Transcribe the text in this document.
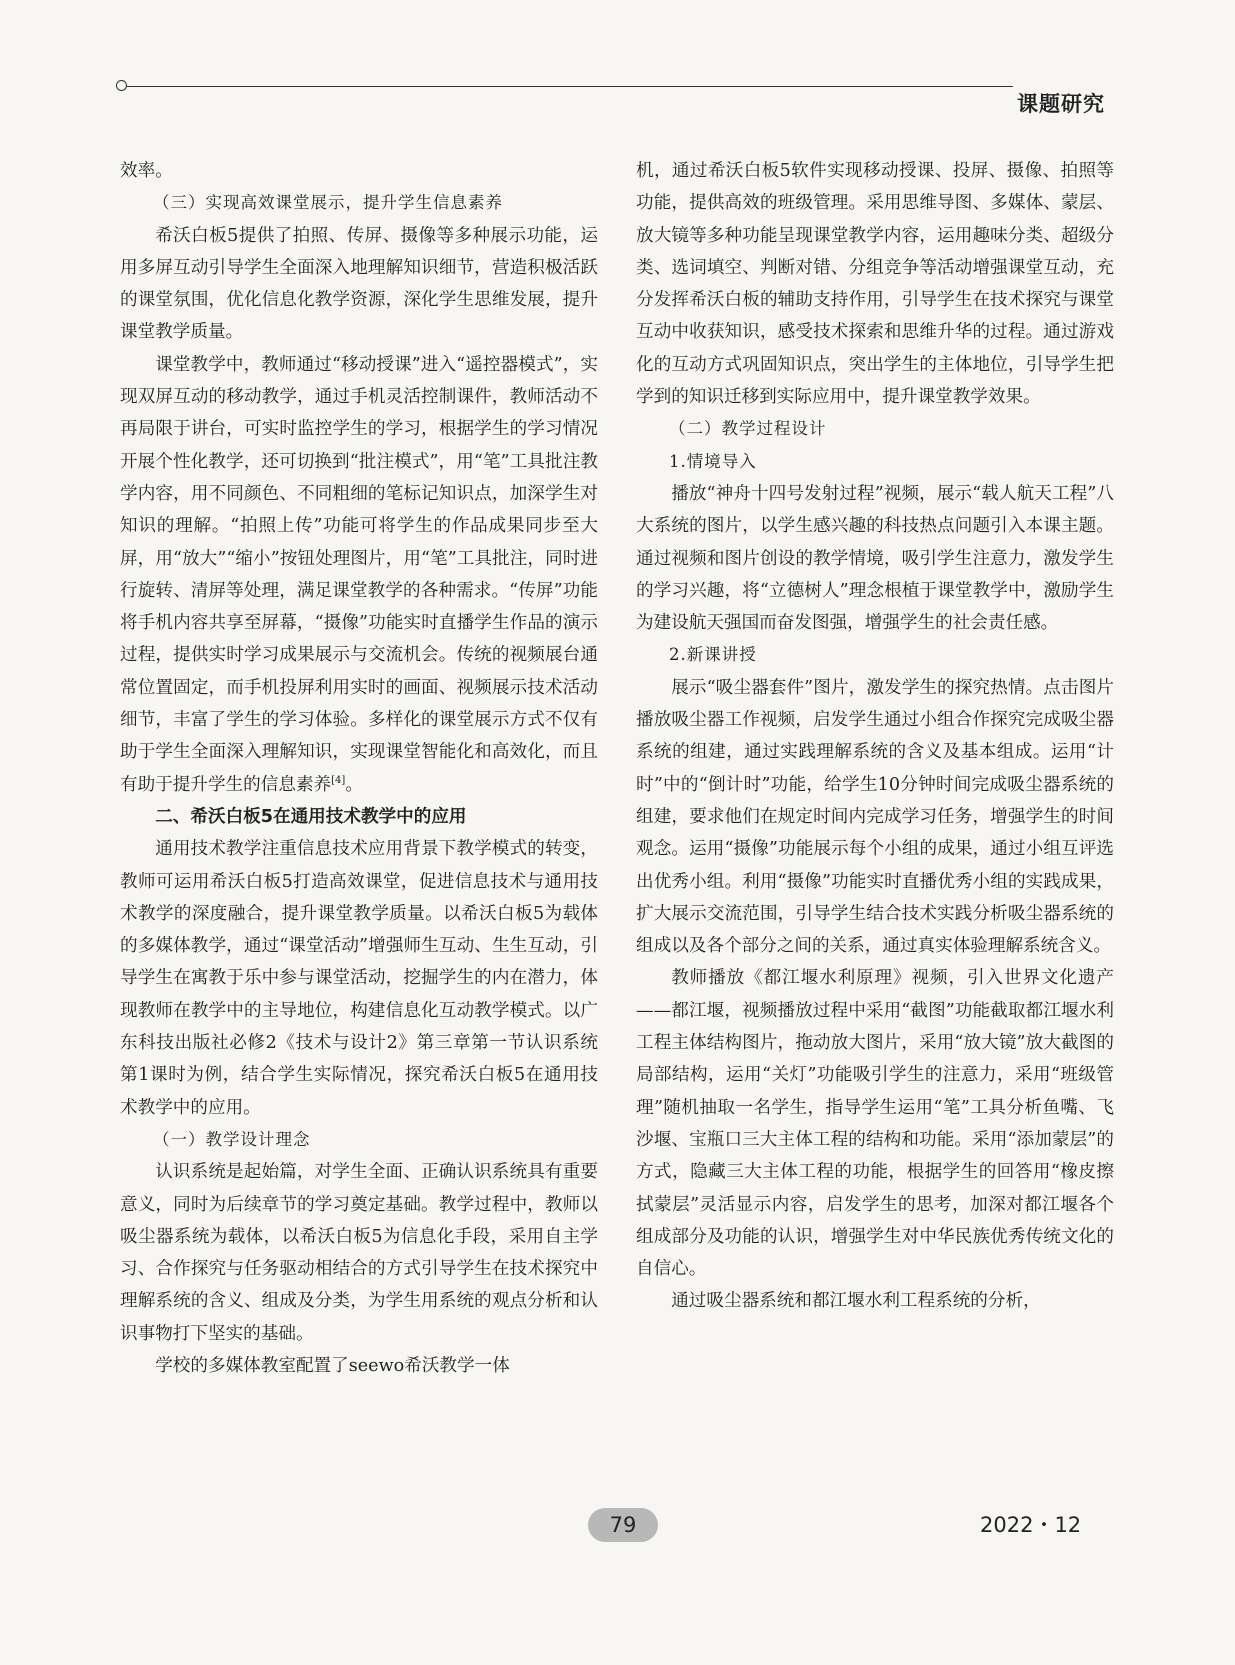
课题研究

效率。

（三）实现高效课堂展示，提升学生信息素养

希沃白板5提供了拍照、传屏、摄像等多种展示功能，运用多屏互动引导学生全面深入地理解知识细节，营造积极活跃的课堂氛围，优化信息化教学资源，深化学生思维发展，提升课堂教学质量。

课堂教学中，教师通过“移动授课”进入“遥控器模式”，实现双屏互动的移动教学，通过手机灵活控制课件，教师活动不再局限于讲台，可实时监控学生的学习，根据学生的学习情况开展个性化教学，还可切换到“批注模式”，用“笔”工具批注教学内容，用不同颜色、不同粗细的笔标记知识点，加深学生对知识的理解。“拍照上传”功能可将学生的作品成果同步至大屏，用“放大”“缩小”按钮处理图片，用“笔”工具批注，同时进行旋转、清屏等处理，满足课堂教学的各种需求。“传屏”功能将手机内容共享至屏幕，“摄像”功能实时直播学生作品的演示过程，提供实时学习成果展示与交流机会。传统的视频展台通常位置固定，而手机投屏利用实时的画面、视频展示技术活动细节，丰富了学生的学习体验。多样化的课堂展示方式不仅有助于学生全面深入理解知识，实现课堂智能化和高效化，而且有助于提升学生的信息素养[4]。

二、希沃白板5在通用技术教学中的应用

通用技术教学注重信息技术应用背景下教学模式的转变，教师可运用希沃白板5打造高效课堂，促进信息技术与通用技术教学的深度融合，提升课堂教学质量。以希沃白板5为载体的多媒体教学，通过“课堂活动”增强师生互动、生生互动，引导学生在寓教于乐中参与课堂活动，挖掘学生的内在潜力，体现教师在教学中的主导地位，构建信息化互动教学模式。以广东科技出版社必修2《技术与设计2》第三章第一节认识系统第1课时为例，结合学生实际情况，探究希沃白板5在通用技术教学中的应用。

（一）教学设计理念

认识系统是起始篇，对学生全面、正确认识系统具有重要意义，同时为后续章节的学习奠定基础。教学过程中，教师以吸尘器系统为载体，以希沃白板5为信息化手段，采用自主学习、合作探究与任务驱动相结合的方式引导学生在技术探究中理解系统的含义、组成及分类，为学生用系统的观点分析和认识事物打下坚实的基础。

学校的多媒体教室配置了seewo希沃教学一体

机，通过希沃白板5软件实现移动授课、投屏、摄像、拍照等功能，提供高效的班级管理。采用思维导图、多媒体、蒙层、放大镜等多种功能呈现课堂教学内容，运用趣味分类、超级分类、选词填空、判断对错、分组竞争等活动增强课堂互动，充分发挥希沃白板的辅助支持作用，引导学生在技术探究与课堂互动中收获知识，感受技术探索和思维升华的过程。通过游戏化的互动方式巩固知识点，突出学生的主体地位，引导学生把学到的知识迁移到实际应用中，提升课堂教学效果。

（二）教学过程设计

1.情境导入

播放“神舟十四号发射过程”视频，展示“载人航天工程”八大系统的图片，以学生感兴趣的科技热点问题引入本课主题。通过视频和图片创设的教学情境，吸引学生注意力，激发学生的学习兴趣，将“立德树人”理念根植于课堂教学中，激励学生为建设航天强国而奋发图强，增强学生的社会责任感。

2.新课讲授

展示“吸尘器套件”图片，激发学生的探究热情。点击图片播放吸尘器工作视频，启发学生通过小组合作探究完成吸尘器系统的组建，通过实践理解系统的含义及基本组成。运用“计时”中的“倒计时”功能，给学生10分钟时间完成吸尘器系统的组建，要求他们在规定时间内完成学习任务，增强学生的时间观念。运用“摄像”功能展示每个小组的成果，通过小组互评选出优秀小组。利用“摄像”功能实时直播优秀小组的实践成果，扩大展示交流范围，引导学生结合技术实践分析吸尘器系统的组成以及各个部分之间的关系，通过真实体验理解系统含义。

教师播放《都江堰水利原理》视频，引入世界文化遗产——都江堰，视频播放过程中采用“截图”功能截取都江堰水利工程主体结构图片，拖动放大图片，采用“放大镜”放大截图的局部结构，运用“关灯”功能吸引学生的注意力，采用“班级管理”随机抽取一名学生，指导学生运用“笔”工具分析鱼嘴、飞沙堰、宝瓶口三大主体工程的结构和功能。采用“添加蒙层”的方式，隐藏三大主体工程的功能，根据学生的回答用“橡皮擦拭蒙层”灵活显示内容，启发学生的思考，加深对都江堰各个组成部分及功能的认识，增强学生对中华民族优秀传统文化的自信心。

通过吸尘器系统和都江堰水利工程系统的分析，

79	2022・12
